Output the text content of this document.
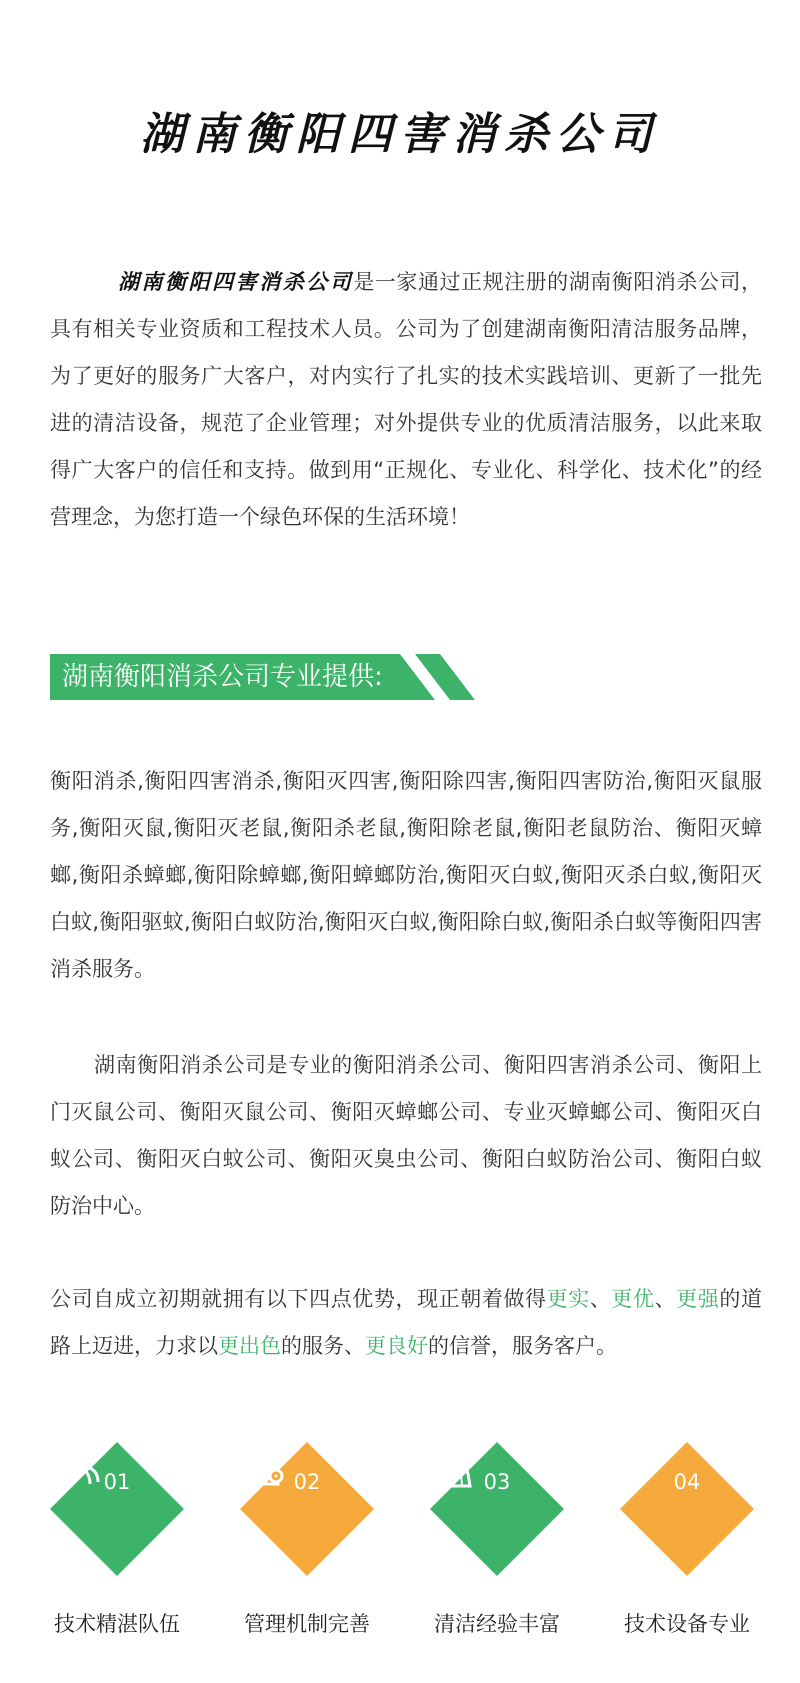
湖南衡阳四害消杀公司
湖南衡阳四害消杀公司是一家通过正规注册的湖南衡阳消杀公司，具有相关专业资质和工程技术人员。公司为了创建湖南衡阳清洁服务品牌，为了更好的服务广大客户，对内实行了扎实的技术实践培训、更新了一批先进的清洁设备，规范了企业管理；对外提供专业的优质清洁服务，以此来取得广大客户的信任和支持。做到用“正规化、专业化、科学化、技术化”的经营理念，为您打造一个绿色环保的生活环境！
湖南衡阳消杀公司专业提供:
衡阳消杀,衡阳四害消杀,衡阳灭四害,衡阳除四害,衡阳四害防治,衡阳灭鼠服务,衡阳灭鼠,衡阳灭老鼠,衡阳杀老鼠,衡阳除老鼠,衡阳老鼠防治、衡阳灭蟑螂,衡阳杀蟑螂,衡阳除蟑螂,衡阳蟑螂防治,衡阳灭白蚁,衡阳灭杀白蚁,衡阳灭白蚊,衡阳驱蚊,衡阳白蚁防治,衡阳灭白蚁,衡阳除白蚁,衡阳杀白蚁等衡阳四害消杀服务。
湖南衡阳消杀公司是专业的衡阳消杀公司、衡阳四害消杀公司、衡阳上门灭鼠公司、衡阳灭鼠公司、衡阳灭蟑螂公司、专业灭蟑螂公司、衡阳灭白蚁公司、衡阳灭白蚊公司、衡阳灭臭虫公司、衡阳白蚁防治公司、衡阳白蚁防治中心。
公司自成立初期就拥有以下四点优势，现正朝着做得更实、更优、更强的道路上迈进，力求以更出色的服务、更良好的信誉，服务客户。
01
技术精湛队伍
02
管理机制完善
03
清洁经验丰富
04
技术设备专业
